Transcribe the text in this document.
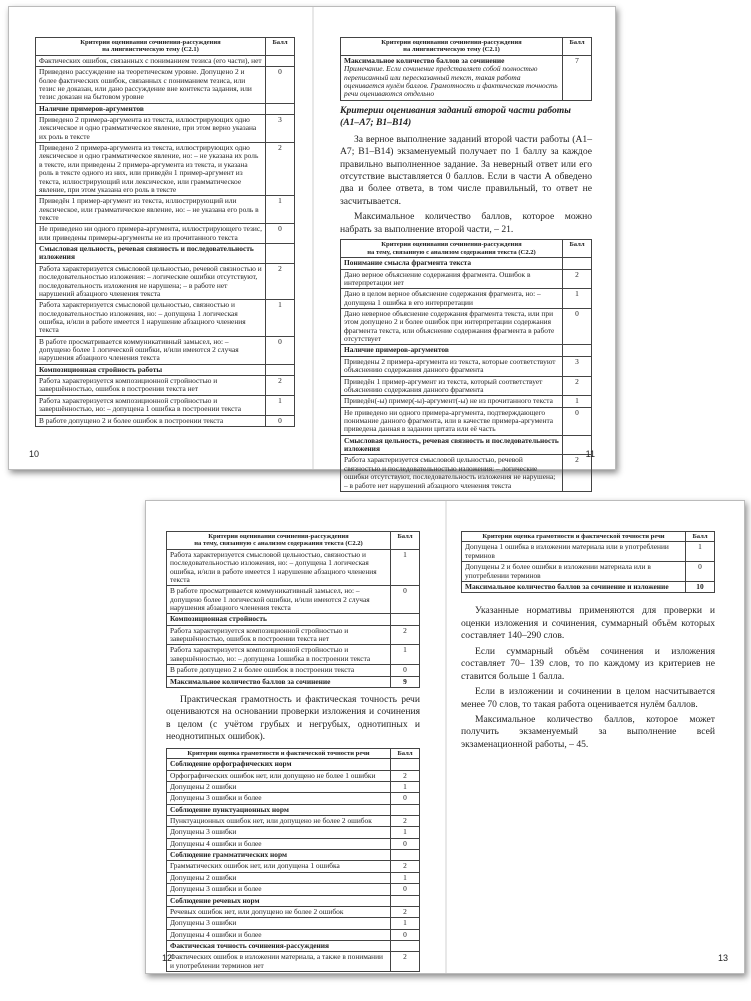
Критерии оценивания сочинения-рассуждения
на лингвистическую тему (С2.1)	Балл
Фактических ошибок, связанных с пониманием тезиса (его части), нет	
Приведено рассуждение на теоретическом уровне. Допущено 2 и более фактических ошибок, связанных с пониманием тезиса, или тезис не доказан, или дано рассуждение вне контекста задания, или тезис доказан на бытовом уровне	0
Наличие примеров-аргументов	
Приведено 2 примера-аргумента из текста, иллюстрирующих одно лексическое и одно грамматическое явление, при этом верно указана их роль в тексте	3
Приведено 2 примера-аргумента из текста, иллюстрирующих одно лексическое и одно грамматическое явление, но: – не указана их роль в тексте, или приведены 2 примера-аргумента из текста, и указана роль в тексте одного из них, или приведён 1 пример-аргумент из текста, иллюстрирующий или лексическое, или грамматическое явление, при этом указана его роль в тексте	2
Приведён 1 пример-аргумент из текста, иллюстрирующий или лексическое, или грамматическое явление, но: – не указана его роль в тексте	1
Не приведено ни одного примера-аргумента, иллюстрирующего тезис, или приведены примеры-аргументы не из прочитанного текста	0
Смысловая цельность, речевая связность и последовательность изложения	
Работа характеризуется смысловой цельностью, речевой связностью и последовательностью изложения: – логические ошибки отсутствуют, последовательность изложения не нарушена; – в работе нет нарушений абзацного членения текста	2
Работа характеризуется смысловой цельностью, связностью и последовательностью изложения, но: – допущена 1 логическая ошибка, и/или в работе имеется 1 нарушение абзацного членения текста	1
В работе просматривается коммуникативный замысел, но: – допущено более 1 логической ошибки, и/или имеются 2 случая нарушения абзацного членения текста	0
Композиционная стройность работы	
Работа характеризуется композиционной стройностью и завершённостью, ошибок в построении текста нет	2
Работа характеризуется композиционной стройностью и завершённостью, но: – допущена 1 ошибка в построении текста	1
В работе допущено 2 и более ошибок в построении текста	0
10
Критерии оценивания сочинения-рассуждения
на лингвистическую тему (С2.1)	Балл

Максимальное количество баллов за сочинение
Примечание. Если сочинение представляет собой полностью переписанный или пересказанный текст, такая работа оценивается нулём баллов. Грамотность и фактическая точность речи оцениваются отдельно	7
Критерии оценивания заданий второй части работы (А1–А7; В1–В14)

За верное выполнение заданий второй части работы (А1–А7; В1–В14) экзаменуемый получает по 1 баллу за каждое правильно выполненное задание. За неверный ответ или его отсутствие выставляется 0 баллов. Если в части А обведено два и более ответа, в том числе правильный, то ответ не засчитывается.

Максимальное количество баллов, которое можно набрать за выполнение второй части, – 21.

Критерии оценивания сочинения-рассуждения
на тему, связанную с анализом содержания текста (С2.2)	Балл
Понимание смысла фрагмента текста	
Дано верное объяснение содержания фрагмента. Ошибок в интерпретации нет	2
Дано в целом верное объяснение содержания фрагмента, но: – допущена 1 ошибка в его интерпретации	1
Дано неверное объяснение содержания фрагмента текста, или при этом допущено 2 и более ошибок при интерпретации содержания фрагмента текста, или объяснение содержания фрагмента в работе отсутствует	0
Наличие примеров-аргументов	
Приведены 2 примера-аргумента из текста, которые соответствуют объяснению содержания данного фрагмента	3
Приведён 1 пример-аргумент из текста, который соответствует объяснению содержания данного фрагмента	2
Приведён(-ы) пример(-ы)-аргумент(-ы) не из прочитанного текста	1
Не приведено ни одного примера-аргумента, подтверждающего понимание данного фрагмента, или в качестве примера-аргумента приведена данная в задании цитата или её часть	0
Смысловая цельность, речевая связность и последовательность изложения	
Работа характеризуется смысловой цельностью, речевой связностью и последовательностью изложения: – логические ошибки отсутствуют, последовательность изложения не нарушена; – в работе нет нарушений абзацного членения текста	2
11
Критерии оценивания сочинения-рассуждения
на тему, связанную с анализом содержания текста (С2.2)	Балл
Работа характеризуется смысловой цельностью, связностью и последовательностью изложения, но: – допущена 1 логическая ошибка, и/или в работе имеется 1 нарушение абзацного членения текста	1
В работе просматривается коммуникативный замысел, но: – допущено более 1 логической ошибки, и/или имеются 2 случая нарушения абзацного членения текста	0
Композиционная стройность	
Работа характеризуется композиционной стройностью и завершённостью, ошибок в построении текста нет	2
Работа характеризуется композиционной стройностью и завершённостью, но: – допущена 1ошибка в построении текста	1
В работе допущено 2 и более ошибок в построении текста	0
Максимальное количество баллов за сочинение	9

Практическая грамотность и фактическая точность речи оцениваются на основании проверки изложения и сочинения в целом (с учётом грубых и негрубых, однотипных и неоднотипных ошибок).

Критерии оценка грамотности и фактической точности речи	Балл
Соблюдение орфографических норм	
Орфографических ошибок нет, или допущено не более 1 ошибки	2
Допущены 2 ошибки	1
Допущены 3 ошибки и более	0
Соблюдение пунктуационных норм	
Пунктуационных ошибок нет, или допущено не более 2 ошибок	2
Допущены 3 ошибки	1
Допущены 4 ошибки и более	0
Соблюдение грамматических норм	
Грамматических ошибок нет, или допущена 1 ошибка	2
Допущены 2 ошибки	1
Допущены 3 ошибки и более	0
Соблюдение речевых норм	
Речевых ошибок нет, или допущено не более 2 ошибок	2
Допущены 3 ошибки	1
Допущены 4 ошибки и более	0
Фактическая точность сочинения-рассуждения	
Фактических ошибок в изложении материала, а также в понимании и употреблении терминов нет	2
12
Критерии оценка грамотности и фактической точности речи	Балл
Допущена 1 ошибка в изложении материала или в употреблении терминов	1
Допущены 2 и более ошибки в изложении материала или в употреблении терминов	0
Максимальное количество баллов за сочинение и изложение	10

Указанные нормативы применяются для проверки и оценки изложения и сочинения, суммарный объём которых составляет 140–290 слов.

Если суммарный объём сочинения и изложения составляет 70– 139 слов, то по каждому из критериев не ставится больше 1 балла.

Если в изложении и сочинении в целом насчитывается менее 70 слов, то такая работа оценивается нулём баллов.

Максимальное количество баллов, которое может получить экзаменуемый за выполнение всей экзаменационной работы, – 45.

13
